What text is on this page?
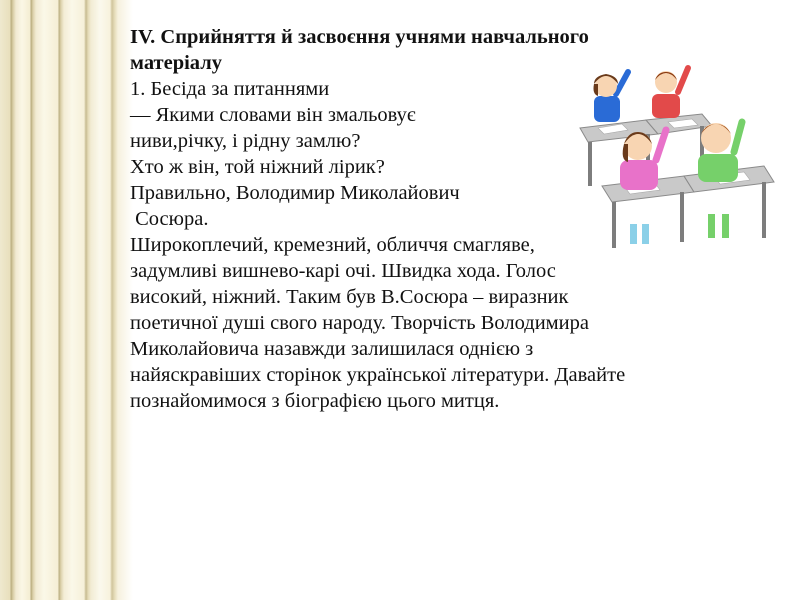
IV. Сприйняття й засвоєння учнями навчального
матеріалу
1. Бесіда за питаннями
— Якими словами він змальовує
ниви,річку, і рідну замлю?
Хто ж він, той ніжний лірик?
Правильно, Володимир Миколайович
Сосюра.
Широкоплечий, кремезний, обличчя смагляве,
задумливі вишнево-карі очі. Швидка хода. Голос
високий, ніжний. Таким був В.Сосюра – виразник
поетичної душі свого народу. Творчість Володимира
Миколайовича назавжди залишилася однією з
найяскравіших сторінок української літератури. Давайте
познайомимося з біографією цього митця.
